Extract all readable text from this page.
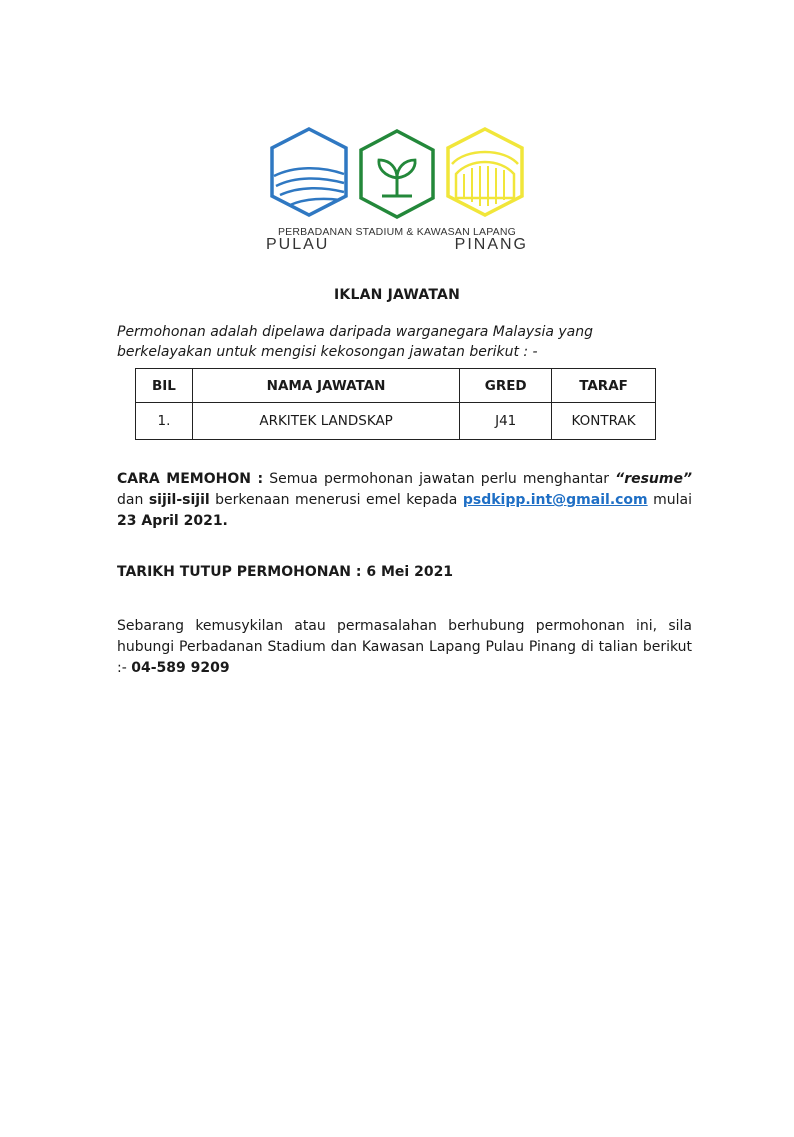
PERBADANAN STADIUM & KAWASAN LAPANG
PULAU PINANG
IKLAN JAWATAN
Permohonan adalah dipelawa daripada warganegara Malaysia yang
berkelayakan untuk mengisi kekosongan jawatan berikut : -
BIL	NAMA JAWATAN	GRED	TARAF
1.	ARKITEK LANDSKAP	J41	KONTRAK
CARA MEMOHON : Semua permohonan jawatan perlu menghantar “resume” dan sijil-sijil berkenaan menerusi emel kepada psdkipp.int@gmail.com mulai 23 April 2021.
TARIKH TUTUP PERMOHONAN : 6 Mei 2021
Sebarang kemusykilan atau permasalahan berhubung permohonan ini, sila hubungi Perbadanan Stadium dan Kawasan Lapang Pulau Pinang di talian berikut :- 04-589 9209
